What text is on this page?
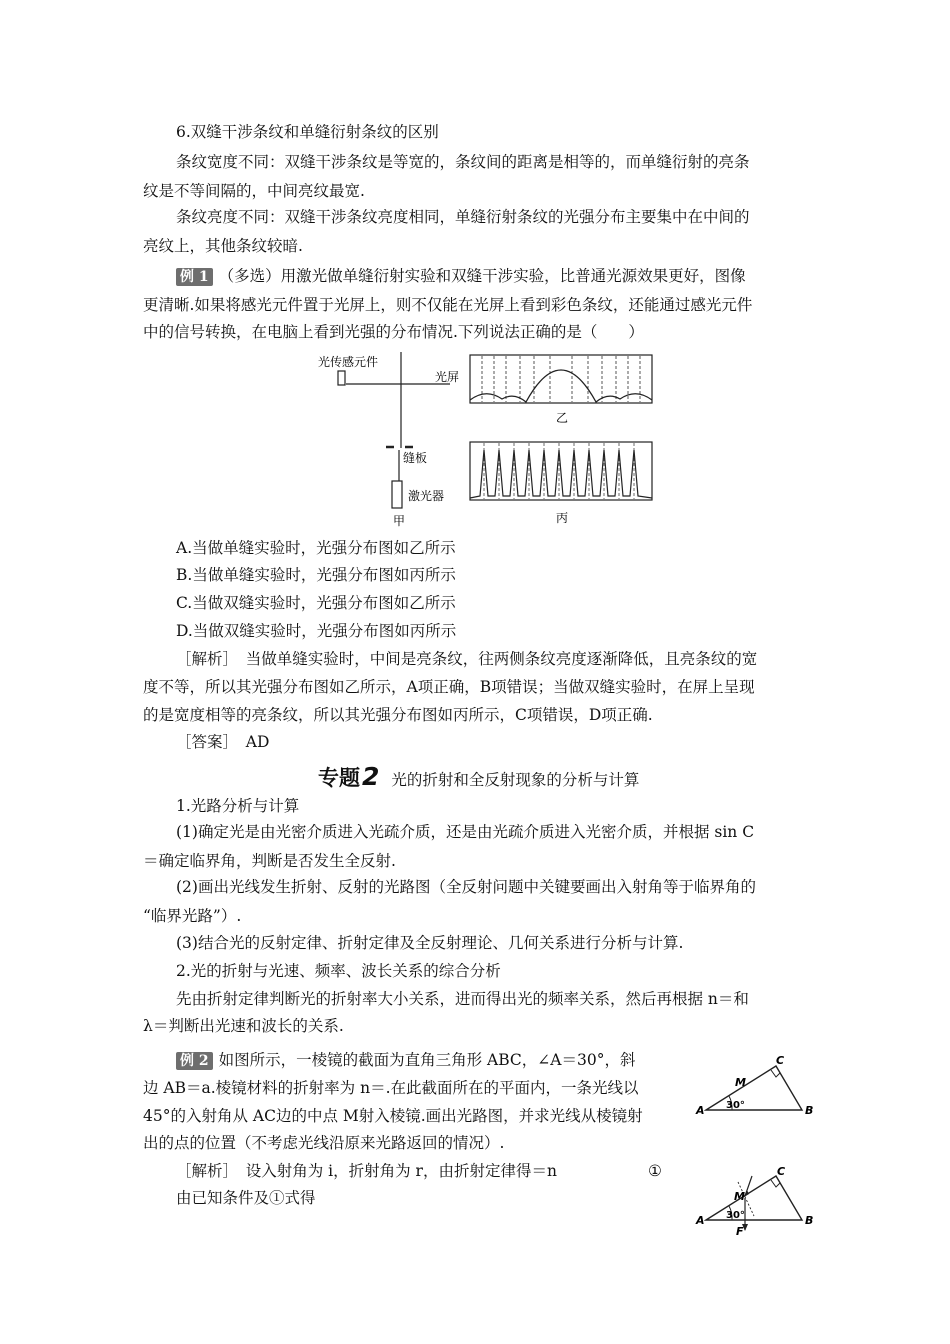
6.双缝干涉条纹和单缝衍射条纹的区别
条纹宽度不同：双缝干涉条纹是等宽的，条纹间的距离是相等的，而单缝衍射的亮条
纹是不等间隔的，中间亮纹最宽.
条纹亮度不同：双缝干涉条纹亮度相同，单缝衍射条纹的光强分布主要集中在中间的
亮纹上，其他条纹较暗.
例 1 （多选）用激光做单缝衍射实验和双缝干涉实验，比普通光源效果更好，图像
更清晰.如果将感光元件置于光屏上，则不仅能在光屏上看到彩色条纹，还能通过感光元件
中的信号转换，在电脑上看到光强的分布情况.下列说法正确的是（　　）
光传感元件
光屏
缝板
激光器
甲
乙
丙
A.当做单缝实验时，光强分布图如乙所示
B.当做单缝实验时，光强分布图如丙所示
C.当做双缝实验时，光强分布图如乙所示
D.当做双缝实验时，光强分布图如丙所示
［解析］　当做单缝实验时，中间是亮条纹，往两侧条纹亮度逐渐降低，且亮条纹的宽
度不等，所以其光强分布图如乙所示，A项正确，B项错误；当做双缝实验时，在屏上呈现
的是宽度相等的亮条纹，所以其光强分布图如丙所示，C项错误，D项正确.
［答案］　AD
专题2 光的折射和全反射现象的分析与计算
1.光路分析与计算
(1)确定光是由光密介质进入光疏介质，还是由光疏介质进入光密介质，并根据 sin C
＝确定临界角，判断是否发生全反射.
(2)画出光线发生折射、反射的光路图（全反射问题中关键要画出入射角等于临界角的
“临界光路”）.
(3)结合光的反射定律、折射定律及全反射理论、几何关系进行分析与计算.
2.光的折射与光速、频率、波长关系的综合分析
先由折射定律判断光的折射率大小关系，进而得出光的频率关系，然后再根据 n＝和
λ＝判断出光速和波长的关系.
例 2 如图所示，一棱镜的截面为直角三角形 ABC，∠A＝30°，斜
边 AB＝a.棱镜材料的折射率为 n＝.在此截面所在的平面内，一条光线以
45°的入射角从 AC边的中点 M射入棱镜.画出光路图，并求光线从棱镜射
出的点的位置（不考虑光线沿原来光路返回的情况）.
［解析］　设入射角为 i，折射角为 r，由折射定律得＝n	①
由已知条件及①式得
C
M
A	B
30°
C
M
A	B
F
30°
